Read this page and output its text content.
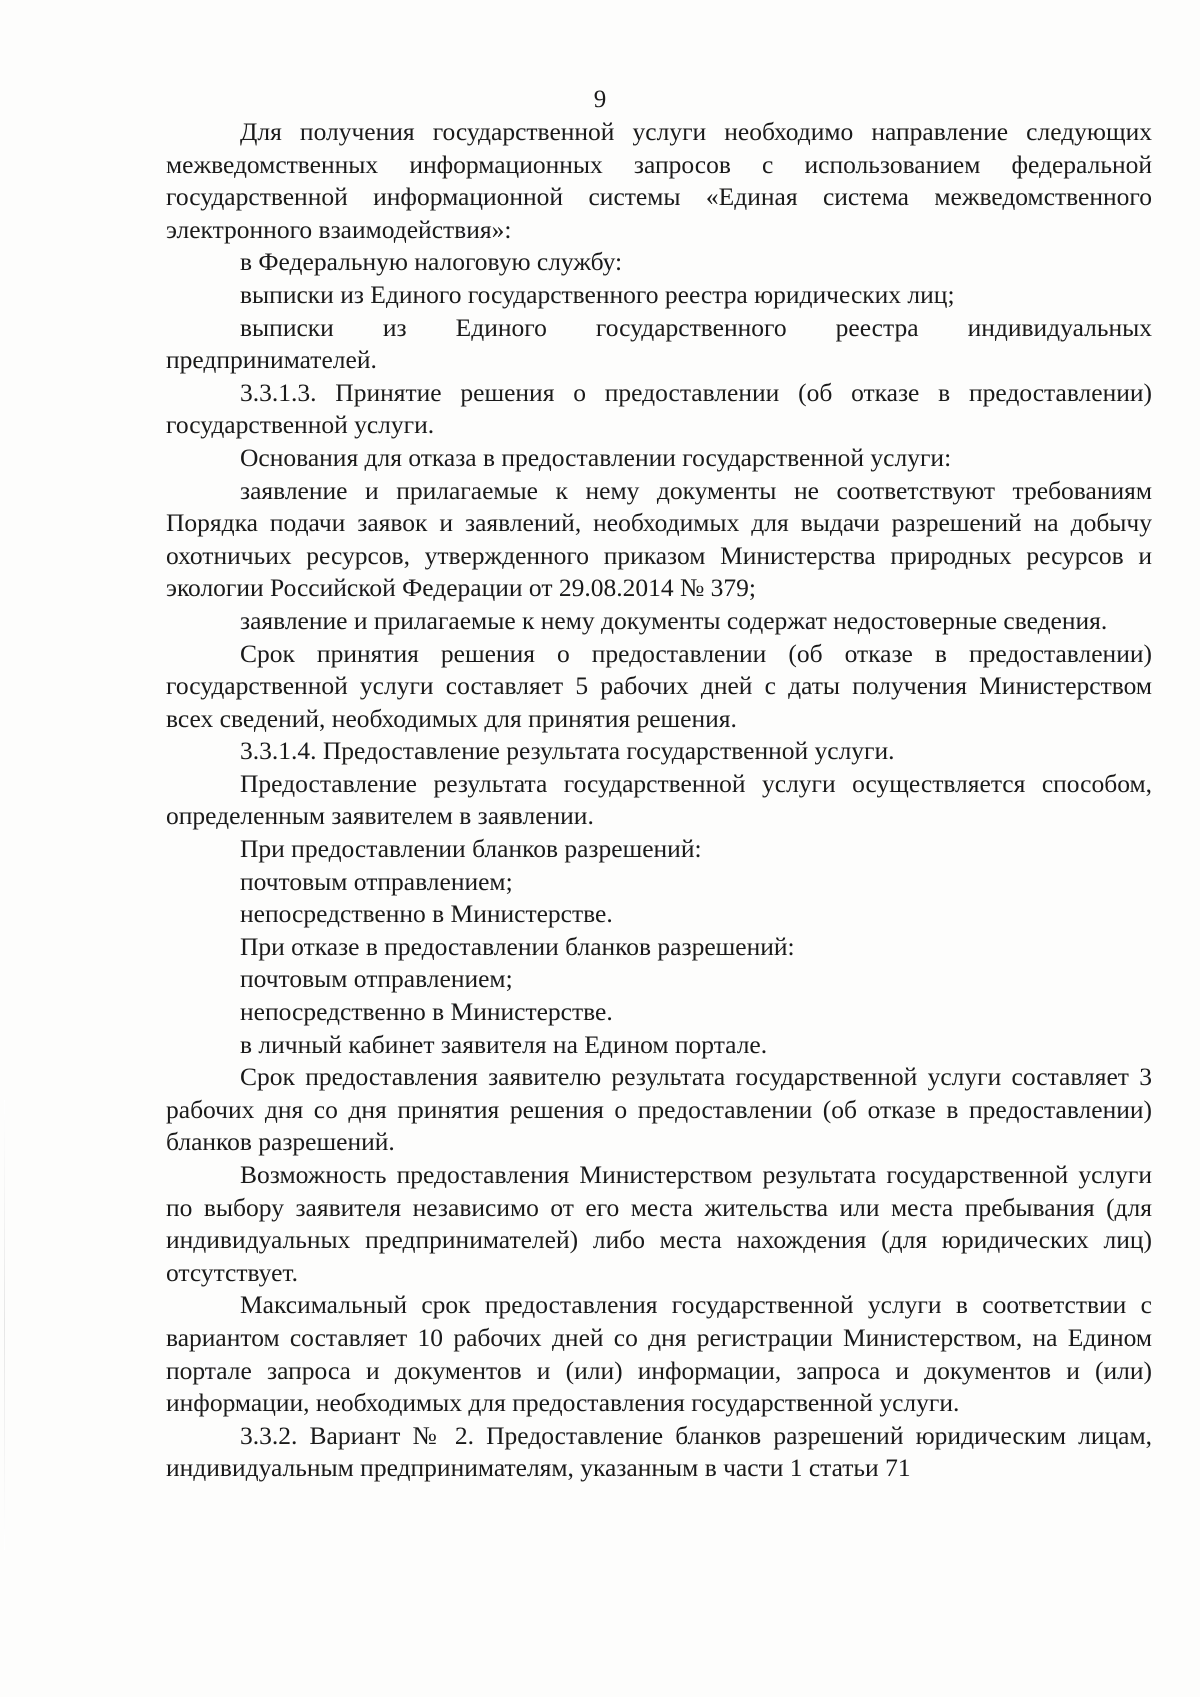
9

Для получения государственной услуги необходимо направление следующих межведомственных информационных запросов с использованием федеральной государственной информационной системы «Единая система межведомственного электронного взаимодействия»:

в Федеральную налоговую службу:

выписки из Единого государственного реестра юридических лиц;

выписки из Единого государственного реестра индивидуальных предпринимателей.

3.3.1.3. Принятие решения о предоставлении (об отказе в предоставлении) государственной услуги.

Основания для отказа в предоставлении государственной услуги:

заявление и прилагаемые к нему документы не соответствуют требованиям Порядка подачи заявок и заявлений, необходимых для выдачи разрешений на добычу охотничьих ресурсов, утвержденного приказом Министерства природных ресурсов и экологии Российской Федерации от 29.08.2014 № 379;

заявление и прилагаемые к нему документы содержат недостоверные сведения.

Срок принятия решения о предоставлении (об отказе в предоставлении) государственной услуги составляет 5 рабочих дней с даты получения Министерством всех сведений, необходимых для принятия решения.

3.3.1.4. Предоставление результата государственной услуги.

Предоставление результата государственной услуги осуществляется способом, определенным заявителем в заявлении.

При предоставлении бланков разрешений:

почтовым отправлением;

непосредственно в Министерстве.

При отказе в предоставлении бланков разрешений:

почтовым отправлением;

непосредственно в Министерстве.

в личный кабинет заявителя на Едином портале.

Срок предоставления заявителю результата государственной услуги составляет 3 рабочих дня со дня принятия решения о предоставлении (об отказе в предоставлении) бланков разрешений.

Возможность предоставления Министерством результата государственной услуги по выбору заявителя независимо от его места жительства или места пребывания (для индивидуальных предпринимателей) либо места нахождения (для юридических лиц) отсутствует.

Максимальный срок предоставления государственной услуги в соответствии с вариантом составляет 10 рабочих дней со дня регистрации Министерством, на Едином портале запроса и документов и (или) информации, запроса и документов и (или) информации, необходимых для предоставления государственной услуги.

3.3.2. Вариант № 2. Предоставление бланков разрешений юридическим лицам, индивидуальным предпринимателям, указанным в части 1 статьи 71
